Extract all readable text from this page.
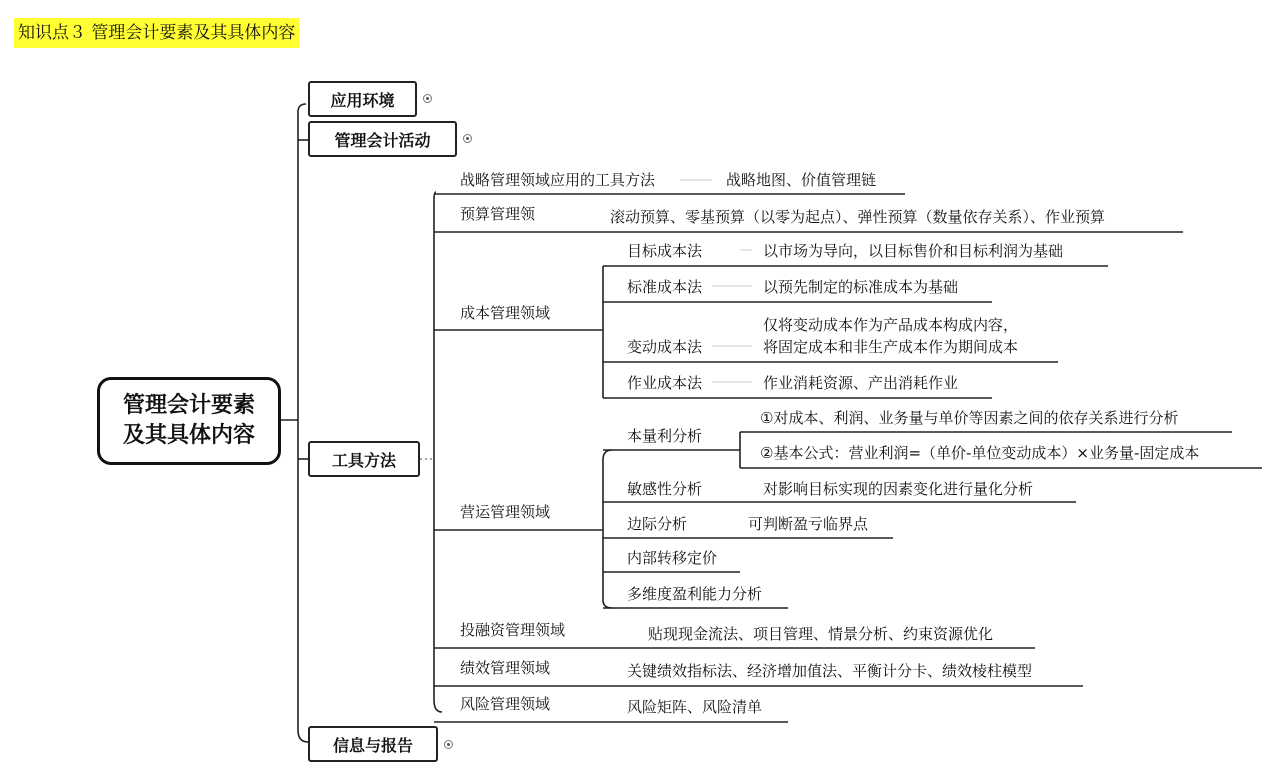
知识点３ 管理会计要素及其具体内容
管理会计要素
及其具体内容
应用环境
管理会计活动
工具方法
信息与报告
战略管理领域应用的工具方法	战略地图、价值管理链
预算管理领	滚动预算、零基预算（以零为起点）、弹性预算（数量依存关系）、作业预算
成本管理领域
目标成本法	以市场为导向，以目标售价和目标利润为基础
标准成本法	以预先制定的标准成本为基础
变动成本法
仅将变动成本作为产品成本构成内容，
将固定成本和非生产成本作为期间成本
作业成本法	作业消耗资源、产出消耗作业
营运管理领域
本量利分析
①对成本、利润、业务量与单价等因素之间的依存关系进行分析
②基本公式：营业利润=（单价-单位变动成本）×业务量-固定成本
敏感性分析	对影响目标实现的因素变化进行量化分析
边际分析	可判断盈亏临界点
内部转移定价
多维度盈利能力分析
投融资管理领域	贴现现金流法、项目管理、情景分析、约束资源优化
绩效管理领域	关键绩效指标法、经济增加值法、平衡计分卡、绩效棱柱模型
风险管理领域	风险矩阵、风险清单
